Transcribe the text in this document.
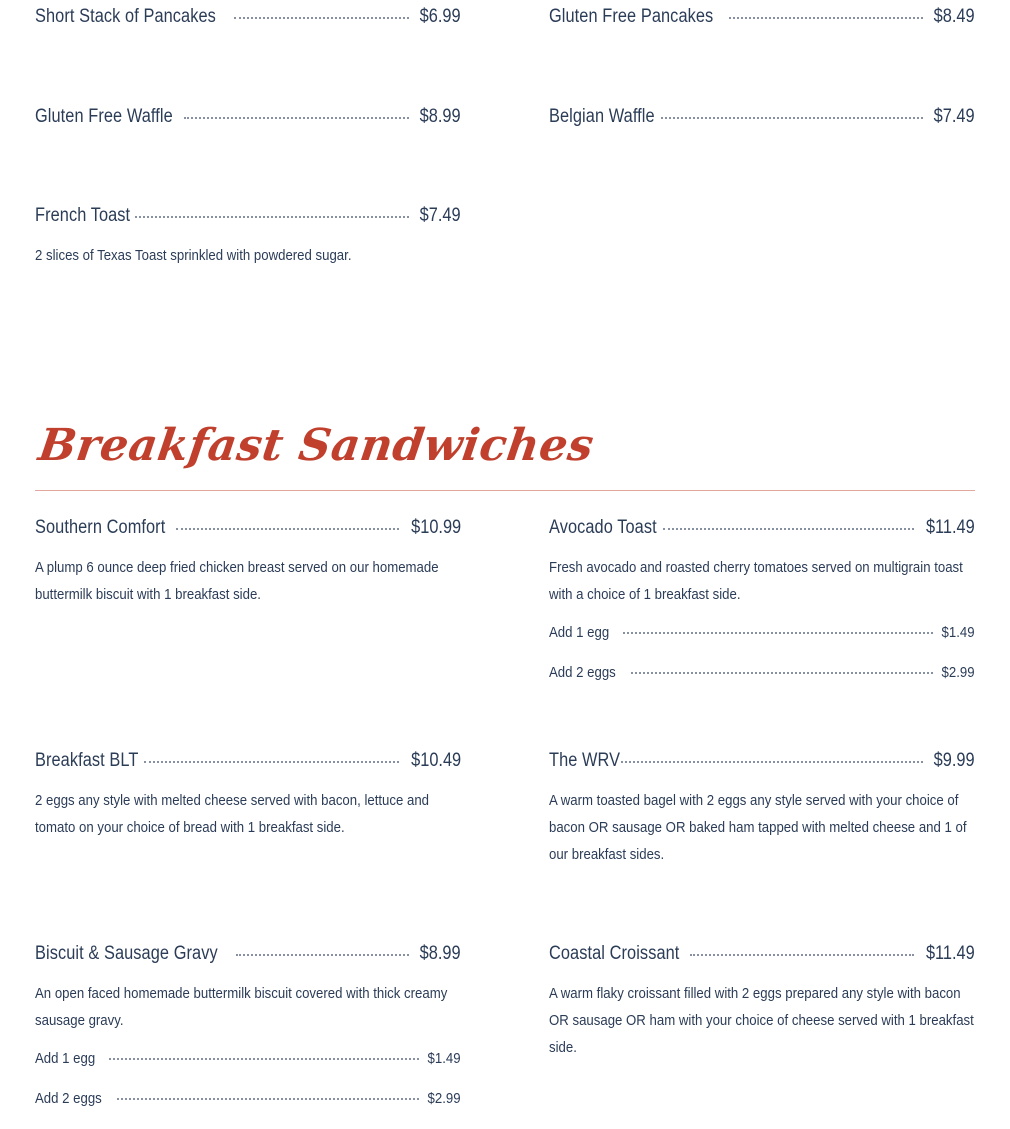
Short Stack of Pancakes	$6.99	Gluten Free Pancakes	$8.49
Gluten Free Waffle	$8.99	Belgian Waffle	$7.49
French Toast	$7.49
2 slices of Texas Toast sprinkled with powdered sugar.
Breakfast Sandwiches
Southern Comfort	$10.99
A plump 6 ounce deep fried chicken breast served on our homemade buttermilk biscuit with 1 breakfast side.
Avocado Toast	$11.49
Fresh avocado and roasted cherry tomatoes served on multigrain toast with a choice of 1 breakfast side.
Add 1 egg	$1.49
Add 2 eggs	$2.99
Breakfast BLT	$10.49
2 eggs any style with melted cheese served with bacon, lettuce and tomato on your choice of bread with 1 breakfast side.
The WRV	$9.99
A warm toasted bagel with 2 eggs any style served with your choice of bacon OR sausage OR baked ham tapped with melted cheese and 1 of our breakfast sides.
Biscuit & Sausage Gravy	$8.99
An open faced homemade buttermilk biscuit covered with thick creamy sausage gravy.
Add 1 egg	$1.49
Add 2 eggs	$2.99
Coastal Croissant	$11.49
A warm flaky croissant filled with 2 eggs prepared any style with bacon OR sausage OR ham with your choice of cheese served with 1 breakfast side.
